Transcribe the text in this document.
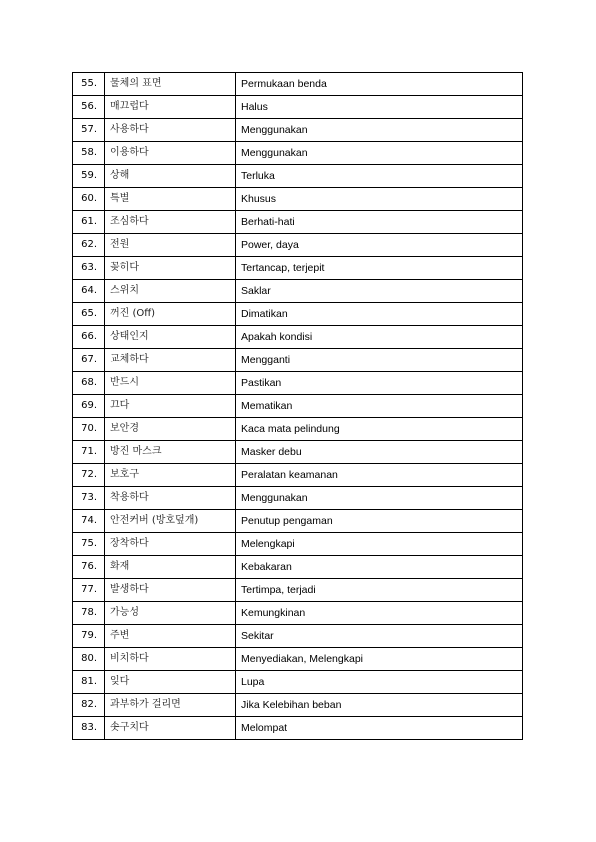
55.	물체의 표면	Permukaan benda
56.	매끄럽다	Halus
57.	사용하다	Menggunakan
58.	이용하다	Menggunakan
59.	상해	Terluka
60.	특별	Khusus
61.	조심하다	Berhati-hati
62.	전원	Power, daya
63.	꽂히다	Tertancap, terjepit
64.	스위치	Saklar
65.	꺼진 (Off)	Dimatikan
66.	상태인지	Apakah kondisi
67.	교체하다	Mengganti
68.	반드시	Pastikan
69.	끄다	Mematikan
70.	보안경	Kaca mata pelindung
71.	방진 마스크	Masker debu
72.	보호구	Peralatan keamanan
73.	착용하다	Menggunakan
74.	안전커버 (방호덮개)	Penutup pengaman
75.	장착하다	Melengkapi
76.	화재	Kebakaran
77.	발생하다	Tertimpa, terjadi
78.	가능성	Kemungkinan
79.	주변	Sekitar
80.	비치하다	Menyediakan, Melengkapi
81.	잊다	Lupa
82.	과부하가 걸리면	Jika Kelebihan beban
83.	솟구치다	Melompat
